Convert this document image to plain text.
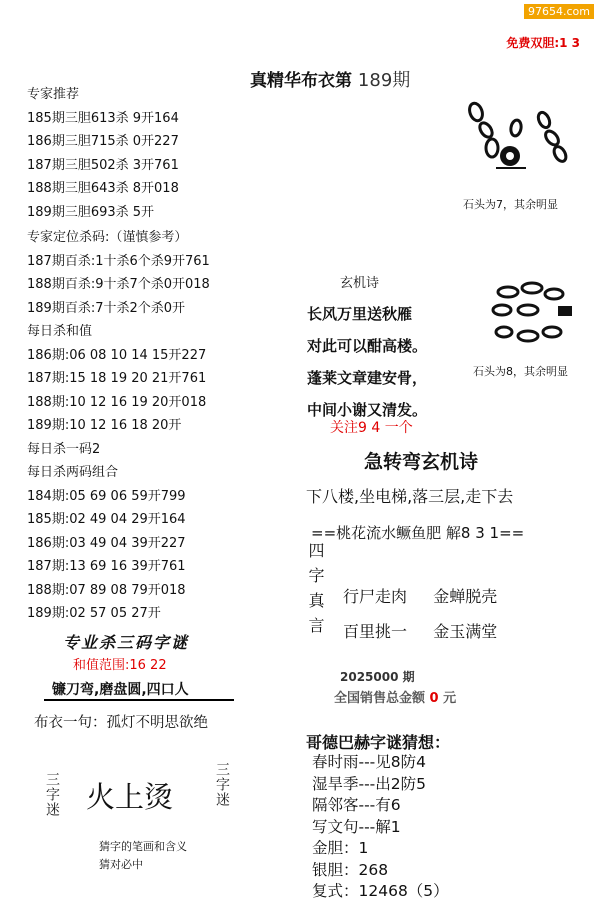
97654.com
免费双胆:1 3
真精华布衣第 189期
专家推荐
185期三胆613杀 9开164
186期三胆715杀 0开227
187期三胆502杀 3开761
188期三胆643杀 8开018
189期三胆693杀 5开
专家定位杀码:（谨慎参考）
187期百杀:1十杀6个杀9开761
188期百杀:9十杀7个杀0开018
189期百杀:7十杀2个杀0开
每日杀和值
186期:06 08 10 14 15开227
187期:15 18 19 20 21开761
188期:10 12 16 19 20开018
189期:10 12 16 18 20开
每日杀一码2
每日杀两码组合
184期:05 69 06 59开799
185期:02 49 04 29开164
186期:03 49 04 39开227
187期:13 69 16 39开761
188期:07 89 08 79开018
189期:02 57 05 27开
专业杀三码字谜
和值范围:16 22
镰刀弯,磨盘圆,四口人
布衣一句：孤灯不明思欲绝
三字迷 火上烫	三字迷
猜字的笔画和含义
猜对必中
石头为7，其余明显
石头为8，其余明显
玄机诗
长风万里送秋雁
对此可以酣高楼。
蓬莱文章建安骨，
中间小谢又清发。
关注9 4 一个
急转弯玄机诗
下八楼,坐电梯,落三层,走下去
==桃花流水鳜鱼肥 解8 3 1==
四字真言 行尸走肉 金蝉脱壳
百里挑一 金玉满堂
2025000 期
全国销售总金额 0 元
哥德巴赫字谜猜想：
春时雨---见8防4
湿旱季---出2防5
隔邻客---有6
写文句---解1
金胆：1
银胆：268
复式：12468（5）
